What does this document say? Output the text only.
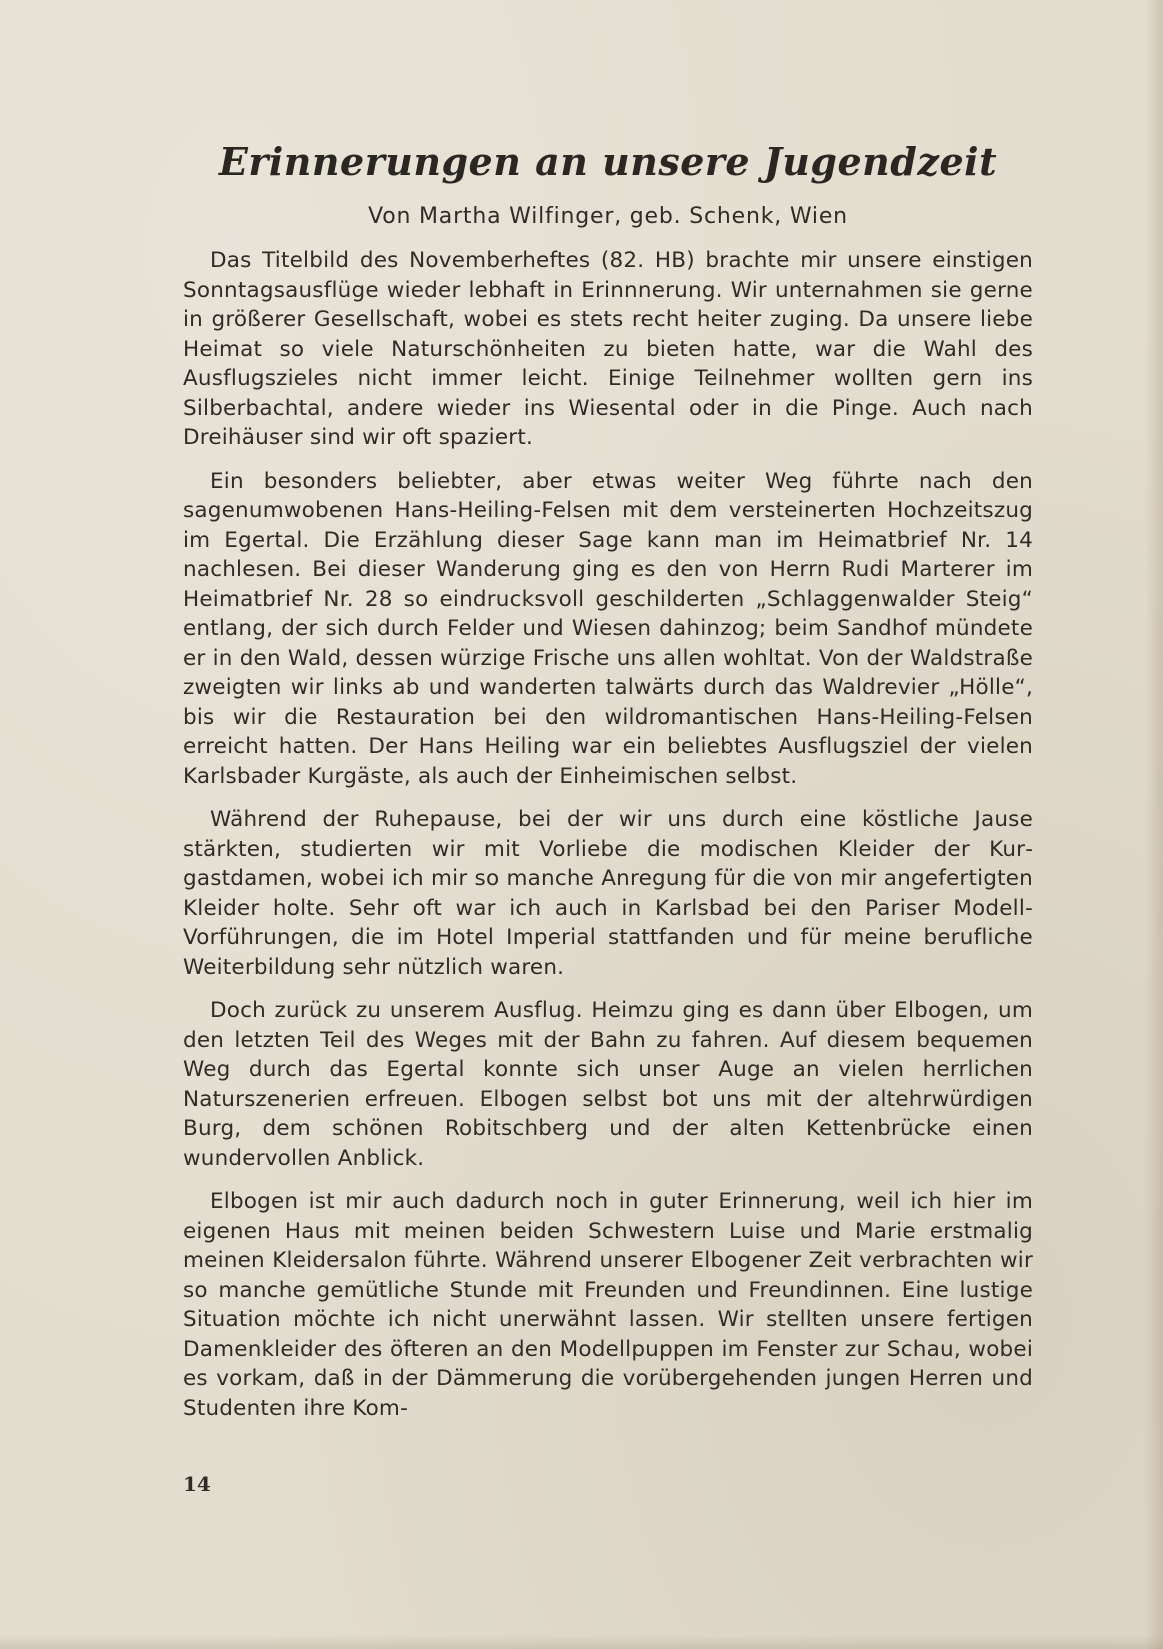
Erinnerungen an unsere Jugendzeit
Von Martha Wilfinger, geb. Schenk, Wien

Das Titelbild des Novemberheftes (82. HB) brachte mir unsere einstigen Sonntagsausflüge wieder lebhaft in Erinnnerung. Wir unternahmen sie gerne in größerer Gesellschaft, wobei es stets recht heiter zuging. Da unsere liebe Heimat so viele Naturschönheiten zu bieten hatte, war die Wahl des Ausflugszieles nicht immer leicht. Einige Teilnehmer wollten gern ins Silberbachtal, andere wieder ins Wiesental oder in die Pinge. Auch nach Dreihäuser sind wir oft spaziert.

Ein besonders beliebter, aber etwas weiter Weg führte nach den sagenumwobenen Hans-Heiling-Felsen mit dem versteinerten Hochzeitszug im Egertal. Die Erzählung dieser Sage kann man im Heimatbrief Nr. 14 nachlesen. Bei dieser Wanderung ging es den von Herrn Rudi Marterer im Heimatbrief Nr. 28 so eindrucksvoll geschilderten „Schlaggenwalder Steig“ entlang, der sich durch Felder und Wiesen dahinzog; beim Sandhof mündete er in den Wald, dessen würzige Frische uns allen wohltat. Von der Waldstraße zweigten wir links ab und wanderten talwärts durch das Waldrevier „Hölle“, bis wir die Restauration bei den wildromantischen Hans-Heiling-Felsen erreicht hatten. Der Hans Heiling war ein beliebtes Ausflugsziel der vielen Karlsbader Kurgäste, als auch der Einheimischen selbst.

Während der Ruhepause, bei der wir uns durch eine köstliche Jause stärkten, studierten wir mit Vorliebe die modischen Kleider der Kurgastdamen, wobei ich mir so manche Anregung für die von mir angefertigten Kleider holte. Sehr oft war ich auch in Karlsbad bei den Pariser Modell-Vorführungen, die im Hotel Imperial stattfanden und für meine berufliche Weiterbildung sehr nützlich waren.

Doch zurück zu unserem Ausflug. Heimzu ging es dann über Elbogen, um den letzten Teil des Weges mit der Bahn zu fahren. Auf diesem bequemen Weg durch das Egertal konnte sich unser Auge an vielen herrlichen Naturszenerien erfreuen. Elbogen selbst bot uns mit der altehrwürdigen Burg, dem schönen Robitschberg und der alten Kettenbrücke einen wundervollen Anblick.

Elbogen ist mir auch dadurch noch in guter Erinnerung, weil ich hier im eigenen Haus mit meinen beiden Schwestern Luise und Marie erstmalig meinen Kleidersalon führte. Während unserer Elbogener Zeit verbrachten wir so manche gemütliche Stunde mit Freunden und Freundinnen. Eine lustige Situation möchte ich nicht unerwähnt lassen. Wir stellten unsere fertigen Damenkleider des öfteren an den Modellpuppen im Fenster zur Schau, wobei es vorkam, daß in der Dämmerung die vorübergehenden jungen Herren und Studenten ihre Kom-

14
